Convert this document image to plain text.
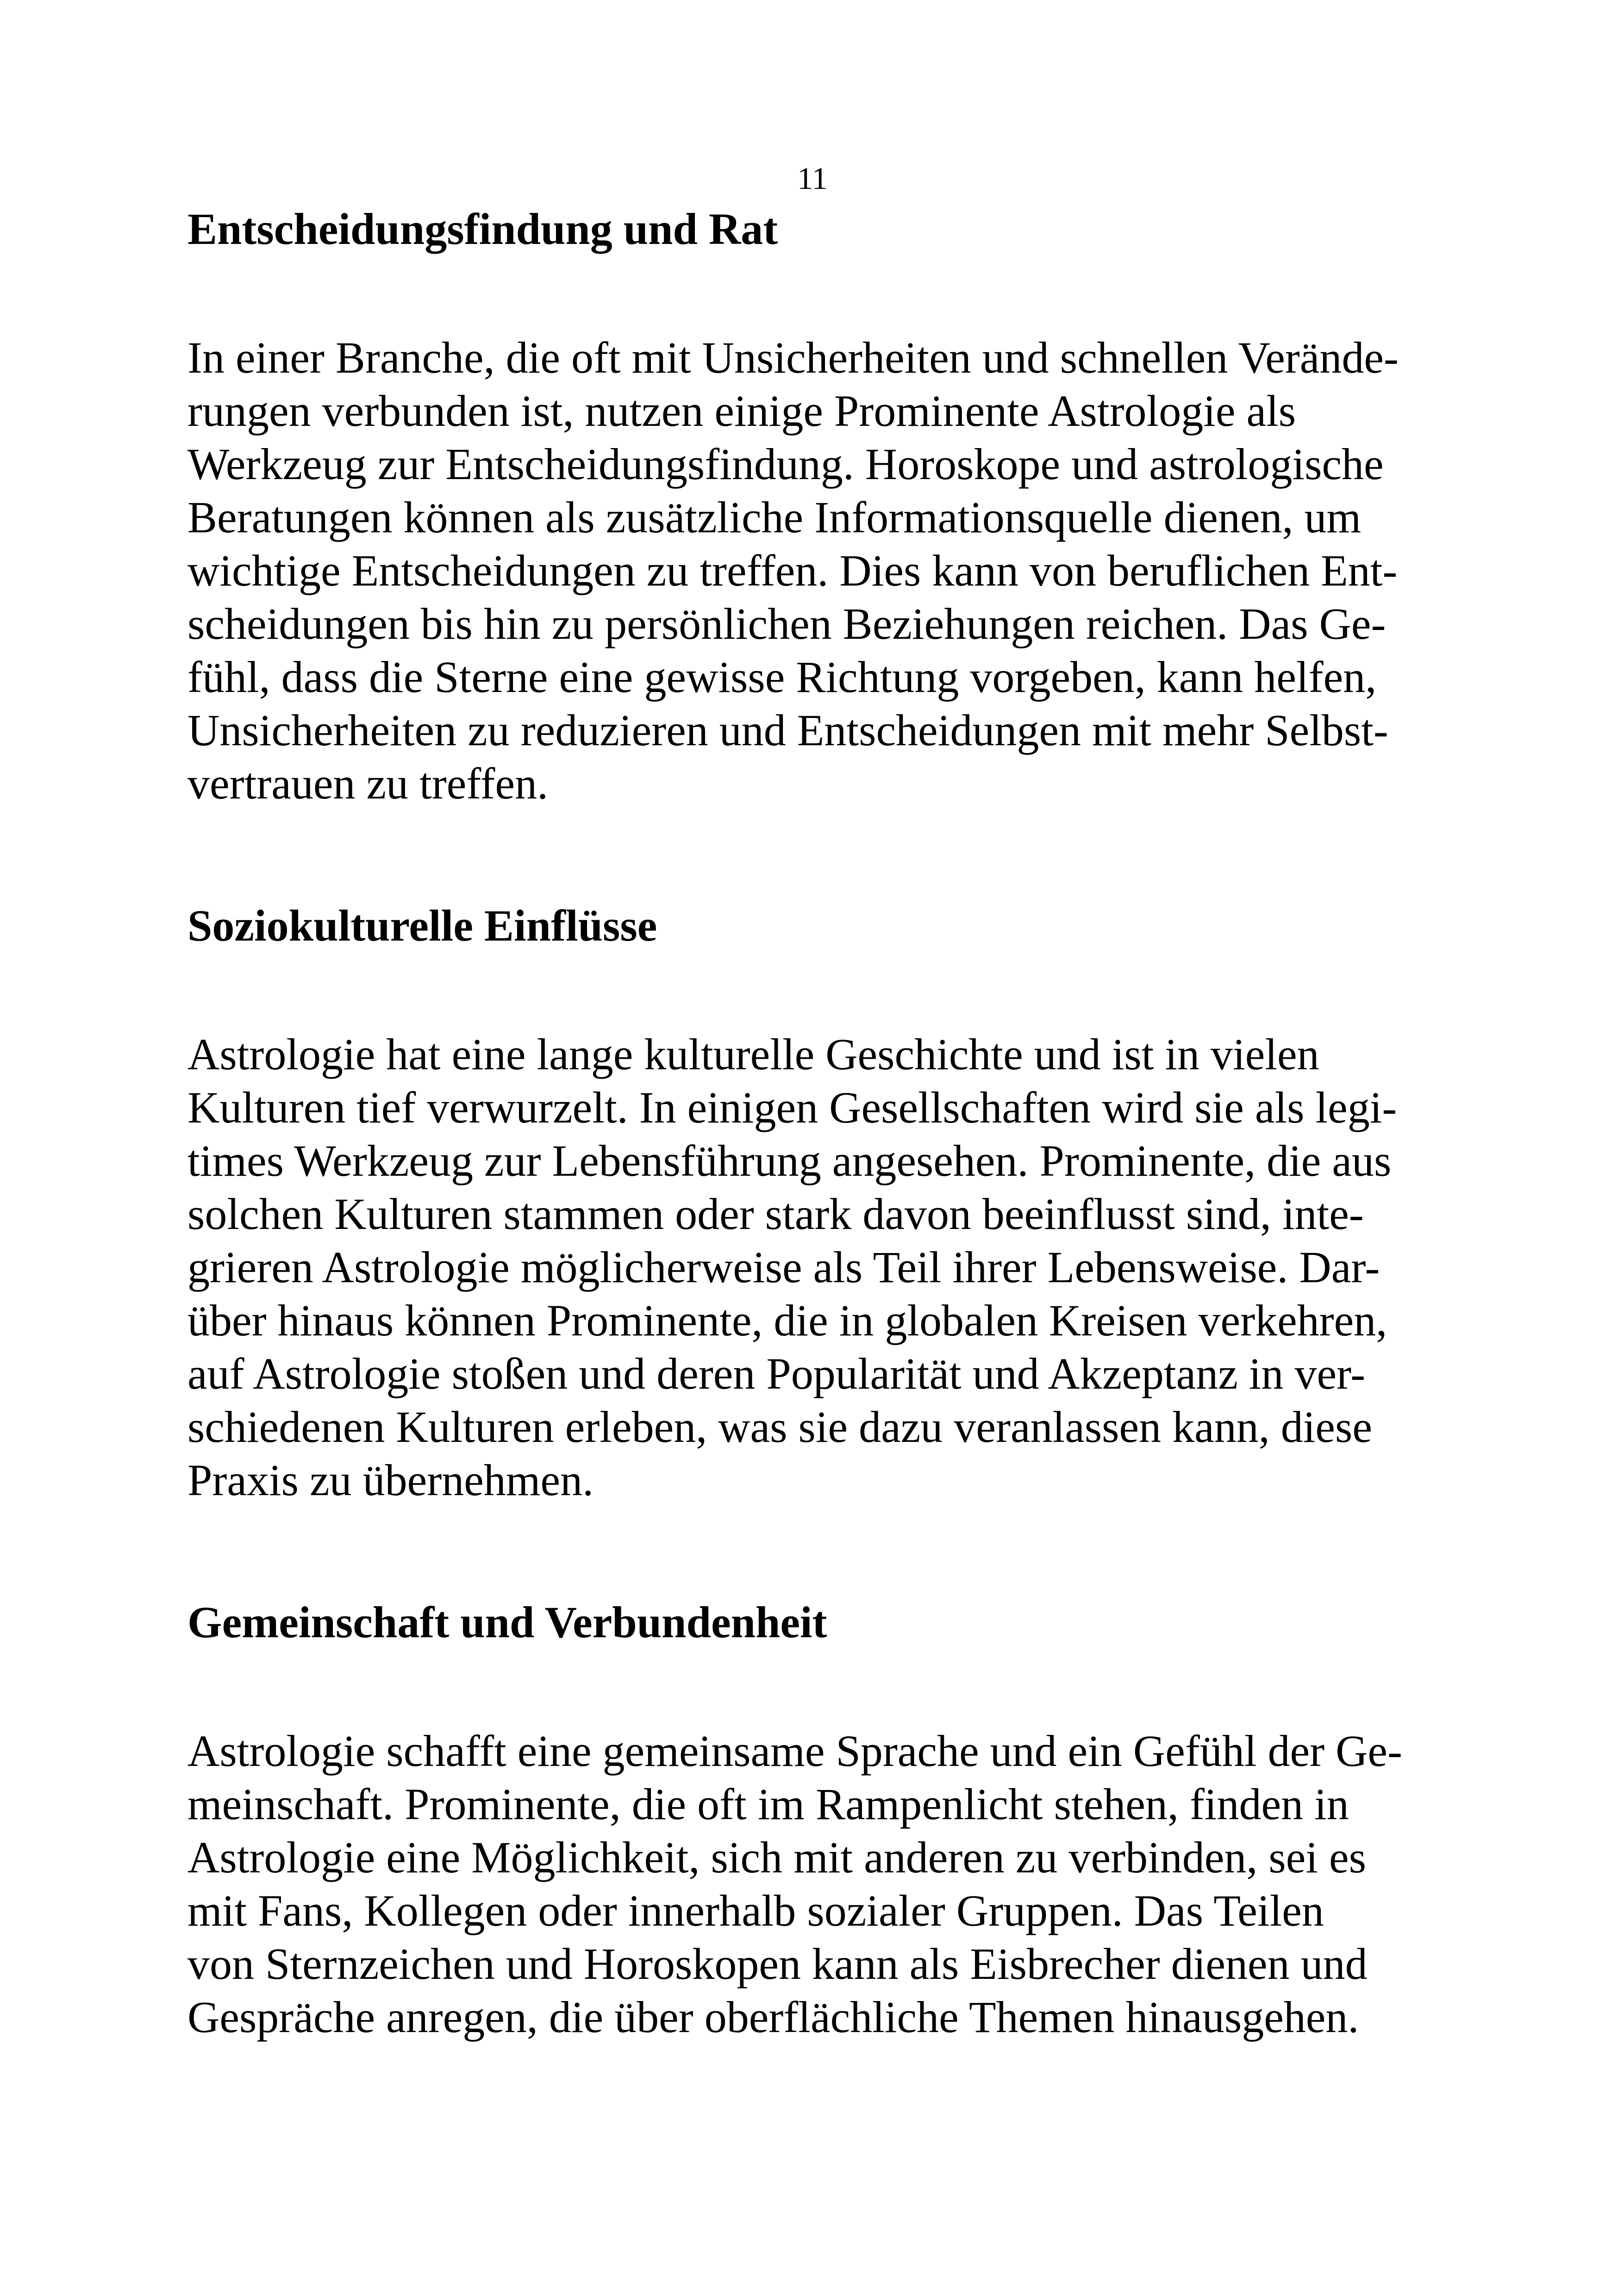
11
Entscheidungsfindung und Rat

In einer Branche, die oft mit Unsicherheiten und schnellen Verände-
rungen verbunden ist, nutzen einige Prominente Astrologie als
Werkzeug zur Entscheidungsfindung. Horoskope und astrologische
Beratungen können als zusätzliche Informationsquelle dienen, um
wichtige Entscheidungen zu treffen. Dies kann von beruflichen Ent-
scheidungen bis hin zu persönlichen Beziehungen reichen. Das Ge-
fühl, dass die Sterne eine gewisse Richtung vorgeben, kann helfen,
Unsicherheiten zu reduzieren und Entscheidungen mit mehr Selbst-
vertrauen zu treffen.

Soziokulturelle Einflüsse

Astrologie hat eine lange kulturelle Geschichte und ist in vielen
Kulturen tief verwurzelt. In einigen Gesellschaften wird sie als legi-
times Werkzeug zur Lebensführung angesehen. Prominente, die aus
solchen Kulturen stammen oder stark davon beeinflusst sind, inte-
grieren Astrologie möglicherweise als Teil ihrer Lebensweise. Dar-
über hinaus können Prominente, die in globalen Kreisen verkehren,
auf Astrologie stoßen und deren Popularität und Akzeptanz in ver-
schiedenen Kulturen erleben, was sie dazu veranlassen kann, diese
Praxis zu übernehmen.

Gemeinschaft und Verbundenheit

Astrologie schafft eine gemeinsame Sprache und ein Gefühl der Ge-
meinschaft. Prominente, die oft im Rampenlicht stehen, finden in
Astrologie eine Möglichkeit, sich mit anderen zu verbinden, sei es
mit Fans, Kollegen oder innerhalb sozialer Gruppen. Das Teilen
von Sternzeichen und Horoskopen kann als Eisbrecher dienen und
Gespräche anregen, die über oberflächliche Themen hinausgehen.
